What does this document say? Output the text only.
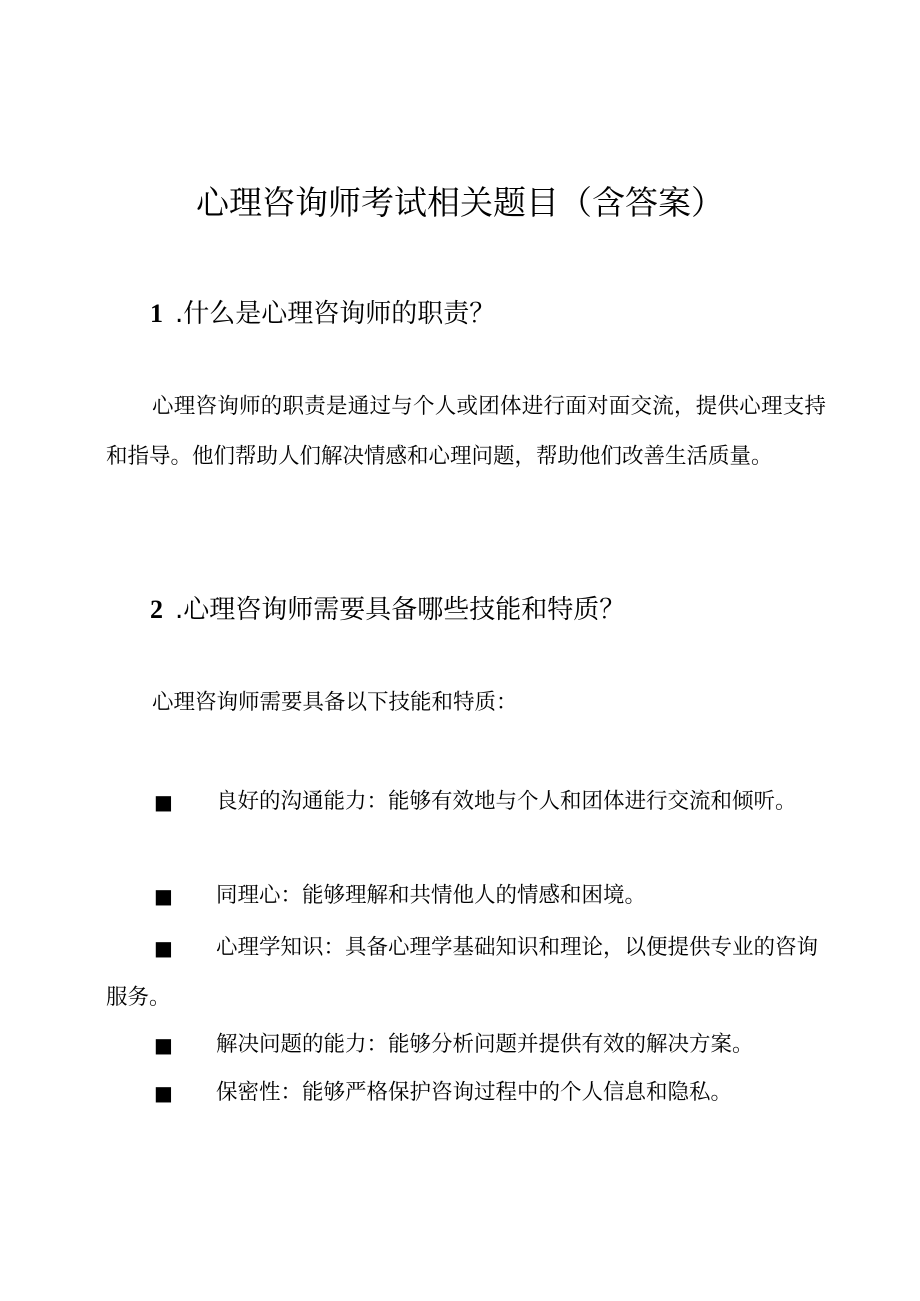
心理咨询师考试相关题目（含答案）
1 .什么是心理咨询师的职责？
心理咨询师的职责是通过与个人或团体进行面对面交流，提供心理支持和指导。他们帮助人们解决情感和心理问题，帮助他们改善生活质量。
2 .心理咨询师需要具备哪些技能和特质？
心理咨询师需要具备以下技能和特质：
■	良好的沟通能力：能够有效地与个人和团体进行交流和倾听。
■	同理心：能够理解和共情他人的情感和困境。
■	心理学知识：具备心理学基础知识和理论，以便提供专业的咨询服务。
■	解决问题的能力：能够分析问题并提供有效的解决方案。
■	保密性：能够严格保护咨询过程中的个人信息和隐私。
